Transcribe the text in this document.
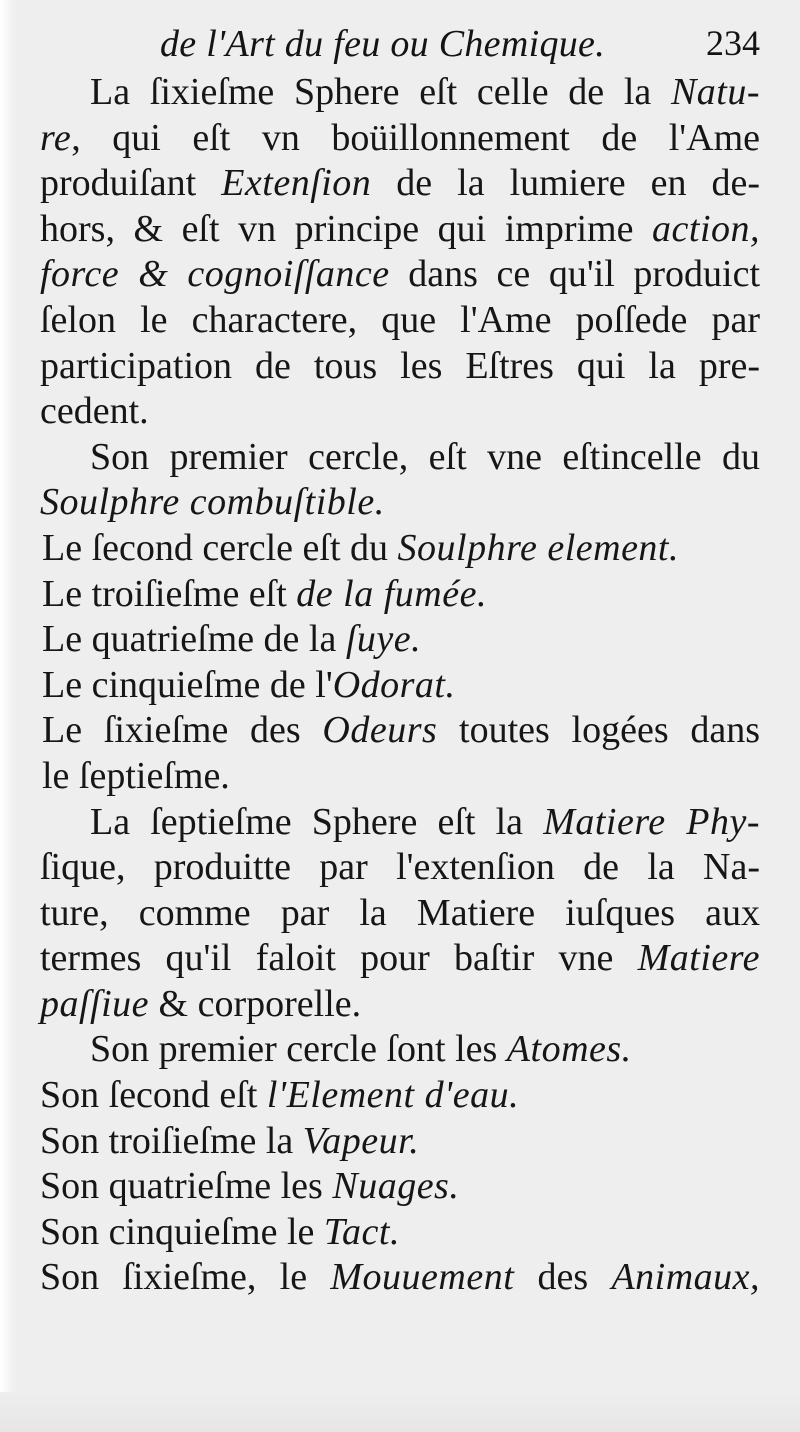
de l'Art du feu ou Chemique.	234
La ſixieſme Sphere eſt celle de la Natu-
re, qui eſt vn boüillonnement de l'Ame
produiſant Extenſion de la lumiere en de-
hors, & eſt vn principe qui imprime action,
force & cognoiſſance dans ce qu'il produict
ſelon le charactere, que l'Ame poſſede par
participation de tous les Eſtres qui la pre-
cedent.
Son premier cercle, eſt vne eſtincelle du
Soulphre combuſtible.
Le ſecond cercle eſt du Soulphre element.
Le troiſieſme eſt de la fumée.
Le quatrieſme de la ſuye.
Le cinquieſme de l'Odorat.
Le ſixieſme des Odeurs toutes logées dans
le ſeptieſme.
La ſeptieſme Sphere eſt la Matiere Phy-
ſique, produitte par l'extenſion de la Na-
ture, comme par la Matiere iuſques aux
termes qu'il faloit pour baſtir vne Matiere
paſſiue & corporelle.
Son premier cercle ſont les Atomes.
Son ſecond eſt l'Element d'eau.
Son troiſieſme la Vapeur.
Son quatrieſme les Nuages.
Son cinquieſme le Tact.
Son ſixieſme, le Mouuement des Animaux,
